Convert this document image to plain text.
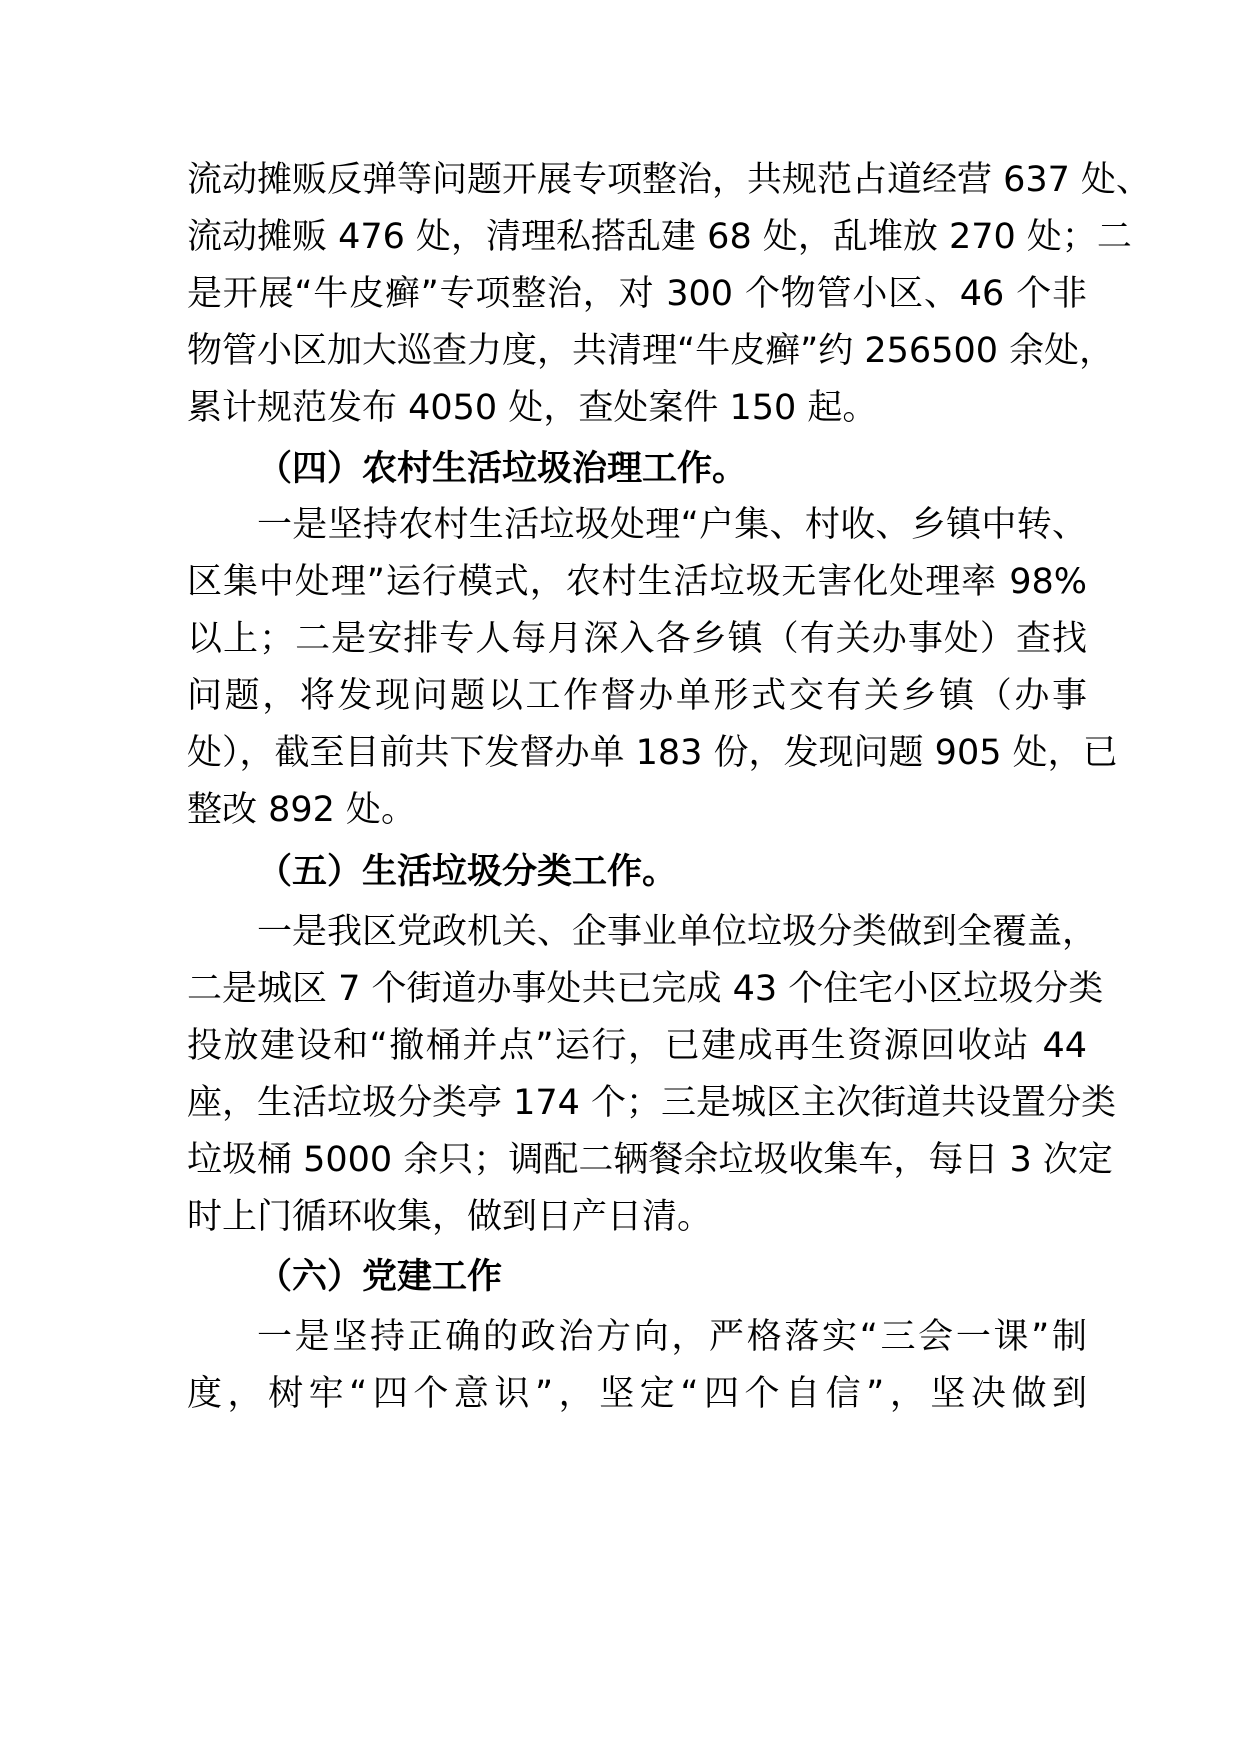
流动摊贩反弹等问题开展专项整治，共规范占道经营 637 处、
流动摊贩 476 处，清理私搭乱建 68 处，乱堆放 270 处；二
是开展“牛皮癣”专项整治，对 300 个物管小区、46 个非
物管小区加大巡查力度，共清理“牛皮癣”约 256500 余处，
累计规范发布 4050 处，查处案件 150 起。
（四）农村生活垃圾治理工作。
一是坚持农村生活垃圾处理“户集、村收、乡镇中转、
区集中处理”运行模式，农村生活垃圾无害化处理率 98%
以上；二是安排专人每月深入各乡镇（有关办事处）查找
问题，将发现问题以工作督办单形式交有关乡镇（办事
处），截至目前共下发督办单 183 份，发现问题 905 处，已
整改 892 处。
（五）生活垃圾分类工作。
一是我区党政机关、企事业单位垃圾分类做到全覆盖，
二是城区 7 个街道办事处共已完成 43 个住宅小区垃圾分类
投放建设和“撤桶并点”运行，已建成再生资源回收站 44
座，生活垃圾分类亭 174 个；三是城区主次街道共设置分类
垃圾桶 5000 余只；调配二辆餐余垃圾收集车，每日 3 次定
时上门循环收集，做到日产日清。
（六）党建工作
一是坚持正确的政治方向，严格落实“三会一课”制
度，树牢“四个意识”，坚定“四个自信”，坚决做到
